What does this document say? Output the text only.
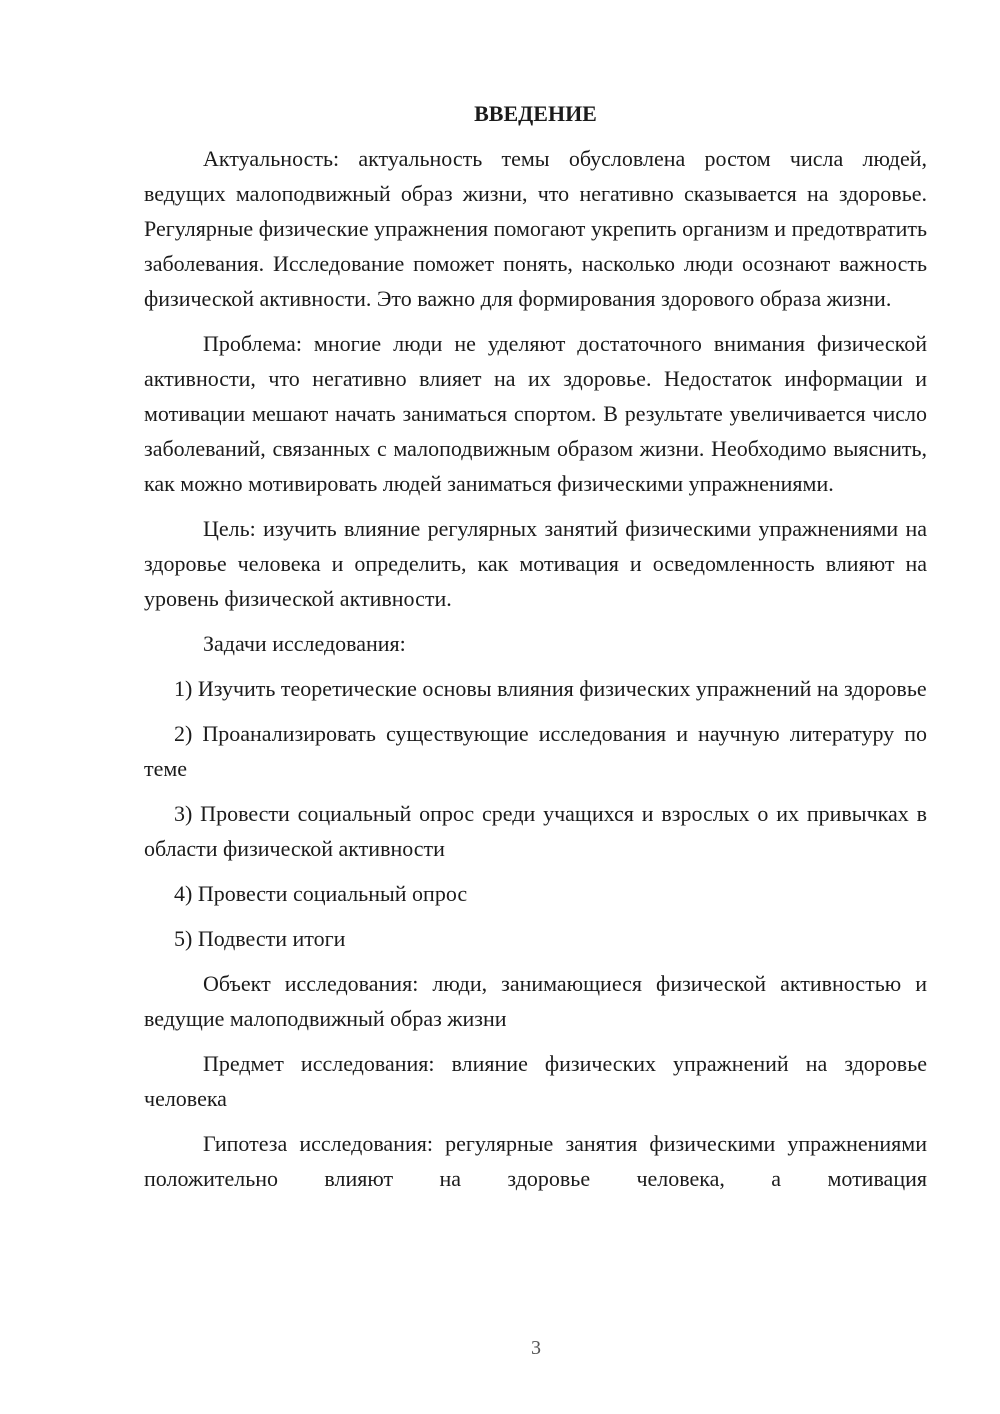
ВВЕДЕНИЕ

Актуальность: актуальность темы обусловлена ростом числа людей, ведущих малоподвижный образ жизни, что негативно сказывается на здоровье. Регулярные физические упражнения помогают укрепить организм и предотвратить заболевания. Исследование поможет понять, насколько люди осознают важность физической активности. Это важно для формирования здорового образа жизни.

Проблема: многие люди не уделяют достаточного внимания физической активности, что негативно влияет на их здоровье. Недостаток информации и мотивации мешают начать заниматься спортом. В результате увеличивается число заболеваний, связанных с малоподвижным образом жизни. Необходимо выяснить, как можно мотивировать людей заниматься физическими упражнениями.

Цель: изучить влияние регулярных занятий физическими упражнениями на здоровье человека и определить, как мотивация и осведомленность влияют на уровень физической активности.

Задачи исследования:

1) Изучить теоретические основы влияния физических упражнений на здоровье

2) Проанализировать существующие исследования и научную литературу по теме

3) Провести социальный опрос среди учащихся и взрослых о их привычках в области физической активности

4) Провести социальный опрос

5) Подвести итоги

Объект исследования: люди, занимающиеся физической активностью и ведущие малоподвижный образ жизни

Предмет исследования: влияние физических упражнений на здоровье человека

Гипотеза исследования: регулярные занятия физическими упражнениями положительно влияют на здоровье человека, а мотивация

3
